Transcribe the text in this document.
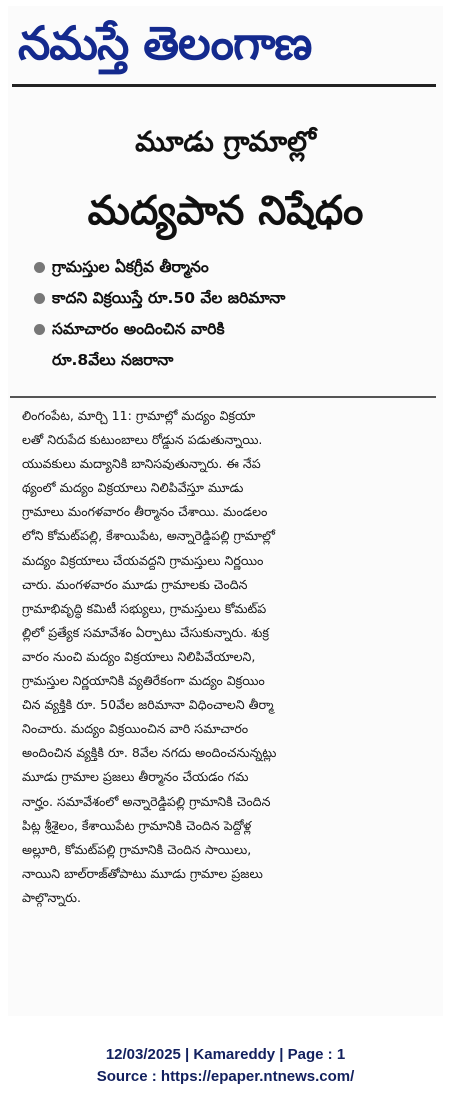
నమస్తే తెలంగాణ
మూడు గ్రామాల్లో
మద్యపాన నిషేధం
గ్రామస్తుల ఏకగ్రీవ తీర్మానం
కాదని విక్రయిస్తే రూ.50 వేల జరిమానా
సమాచారం అందించిన వారికి
రూ.8వేలు నజరానా
లింగంపేట, మార్చి 11: గ్రామాల్లో మద్యం విక్రయా
లతో నిరుపేద కుటుంబాలు రోడ్డున పడుతున్నాయి.
యువకులు మద్యానికి బానిసవుతున్నారు. ఈ నేప
థ్యంలో మద్యం విక్రయాలు నిలిపివేస్తూ మూడు
గ్రామాలు మంగళవారం తీర్మానం చేశాయి. మండలం
లోని కోమట్‌పల్లి, కేశాయిపేట, అన్నారెడ్డిపల్లి గ్రామాల్లో
మద్యం విక్రయాలు చేయవద్దని గ్రామస్తులు నిర్ణయిం
చారు. మంగళవారం మూడు గ్రామాలకు చెందిన
గ్రామాభివృద్ధి కమిటీ సభ్యులు, గ్రామస్తులు కోమట్‌ప
ల్లిలో ప్రత్యేక సమావేశం ఏర్పాటు చేసుకున్నారు. శుక్ర
వారం నుంచి మద్యం విక్రయాలు నిలిపివేయాలని,
గ్రామస్తుల నిర్ణయానికి వ్యతిరేకంగా మద్యం విక్రయిం
చిన వ్యక్తికి రూ. 50వేల జరిమానా విధించాలని తీర్మా
నించారు. మద్యం విక్రయించిన వారి సమాచారం
అందించిన వ్యక్తికి రూ. 8వేల నగదు అందించనున్నట్లు
మూడు గ్రామాల ప్రజలు తీర్మానం చేయడం గమ
నార్హం. సమావేశంలో అన్నారెడ్డిపల్లి గ్రామానికి చెందిన
పిట్ల శ్రీశైలం, కేశాయిపేట గ్రామానికి చెందిన పెద్దోళ్ల
అల్లూరి, కోమట్‌పల్లి గ్రామానికి చెందిన సాయిలు,
నాయిని బాల్‌రాజ్‌తోపాటు మూడు గ్రామాల ప్రజలు
పాల్గొన్నారు.
12/03/2025 | Kamareddy | Page : 1
Source : https://epaper.ntnews.com/
